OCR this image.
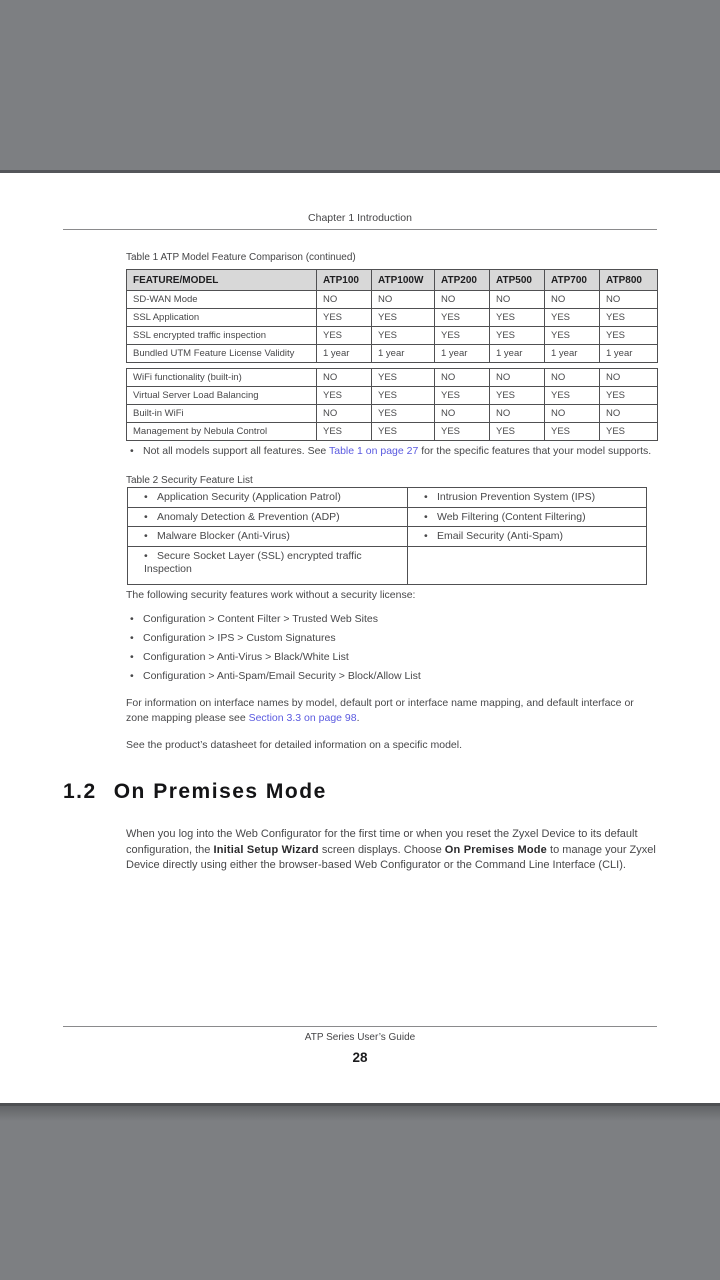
Chapter 1 Introduction
Table 1 ATP Model Feature Comparison (continued)
FEATURE/MODEL	ATP100	ATP100W	ATP200	ATP500	ATP700	ATP800
SD-WAN Mode	NO	NO	NO	NO	NO	NO
SSL Application	YES	YES	YES	YES	YES	YES
SSL encrypted traffic inspection	YES	YES	YES	YES	YES	YES
Bundled UTM Feature License Validity	1 year	1 year	1 year	1 year	1 year	1 year
WiFi functionality (built-in)	NO	YES	NO	NO	NO	NO
Virtual Server Load Balancing	YES	YES	YES	YES	YES	YES
Built-in WiFi	NO	YES	NO	NO	NO	NO
Management by Nebula Control	YES	YES	YES	YES	YES	YES
• Not all models support all features. See Table 1 on page 27 for the specific features that your model supports.
Table 2 Security Feature List
• Application Security (Application Patrol)	• Intrusion Prevention System (IPS)

• Anomaly Detection & Prevention (ADP)	• Web Filtering (Content Filtering)

• Malware Blocker (Anti-Virus)	• Email Security (Anti-Spam)

• Secure Socket Layer (SSL) encrypted traffic Inspection	
The following security features work without a security license:
• Configuration > Content Filter > Trusted Web Sites
• Configuration > IPS > Custom Signatures
• Configuration > Anti-Virus > Black/White List
• Configuration > Anti-Spam/Email Security > Block/Allow List
For information on interface names by model, default port or interface name mapping, and default interface or zone mapping please see Section 3.3 on page 98.
See the product’s datasheet for detailed information on a specific model.
1.2 On Premises Mode
When you log into the Web Configurator for the first time or when you reset the Zyxel Device to its default configuration, the Initial Setup Wizard screen displays. Choose On Premises Mode to manage your Zyxel Device directly using either the browser-based Web Configurator or the Command Line Interface (CLI).
ATP Series User’s Guide
28
